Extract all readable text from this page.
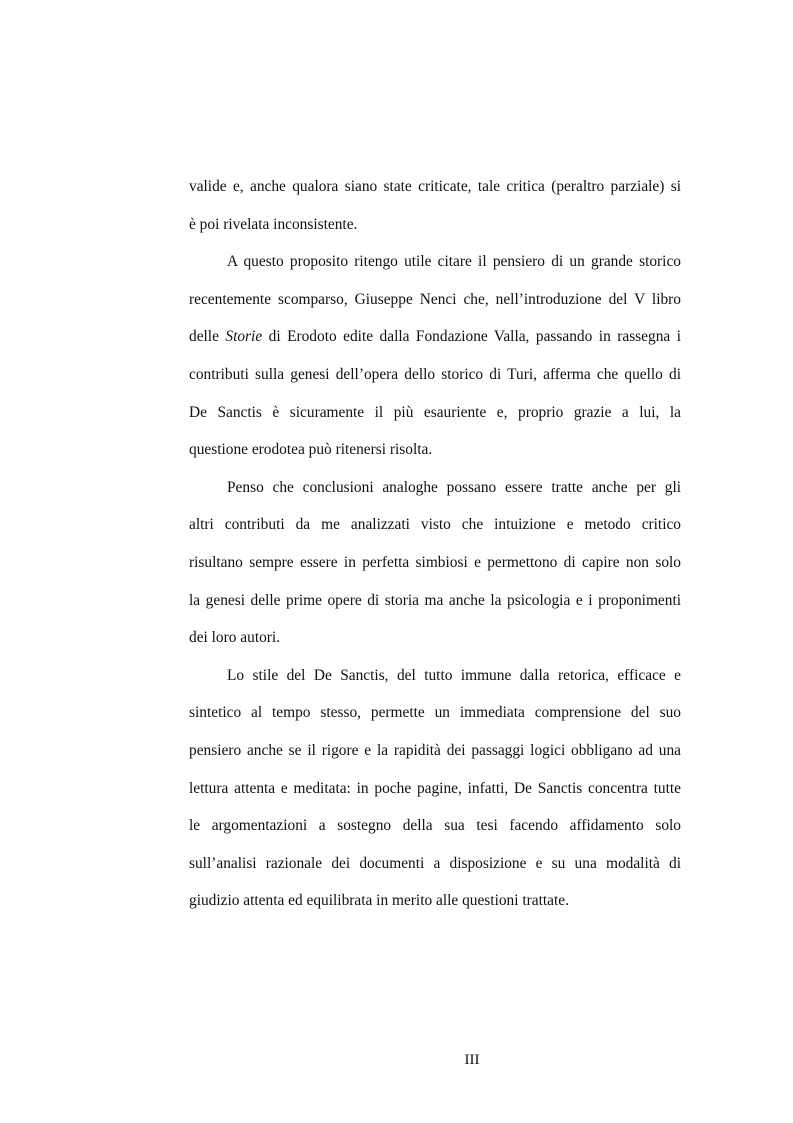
valide e, anche qualora siano state criticate, tale critica (peraltro parziale) si
è poi rivelata inconsistente.

A questo proposito ritengo utile citare il pensiero di un grande storico
recentemente scomparso, Giuseppe Nenci che, nell’introduzione del V libro
delle Storie di Erodoto edite dalla Fondazione Valla, passando in rassegna i
contributi sulla genesi dell’opera dello storico di Turi, afferma che quello di
De Sanctis è sicuramente il più esauriente e, proprio grazie a lui, la
questione erodotea può ritenersi risolta.

Penso che conclusioni analoghe possano essere tratte anche per gli
altri contributi da me analizzati visto che intuizione e metodo critico
risultano sempre essere in perfetta simbiosi e permettono di capire non solo
la genesi delle prime opere di storia ma anche la psicologia e i proponimenti
dei loro autori.

Lo stile del De Sanctis, del tutto immune dalla retorica, efficace e
sintetico al tempo stesso, permette un immediata comprensione del suo
pensiero anche se il rigore e la rapidità dei passaggi logici obbligano ad una
lettura attenta e meditata: in poche pagine, infatti, De Sanctis concentra tutte
le argomentazioni a sostegno della sua tesi facendo affidamento solo
sull’analisi razionale dei documenti a disposizione e su una modalità di
giudizio attenta ed equilibrata in merito alle questioni trattate.

III
